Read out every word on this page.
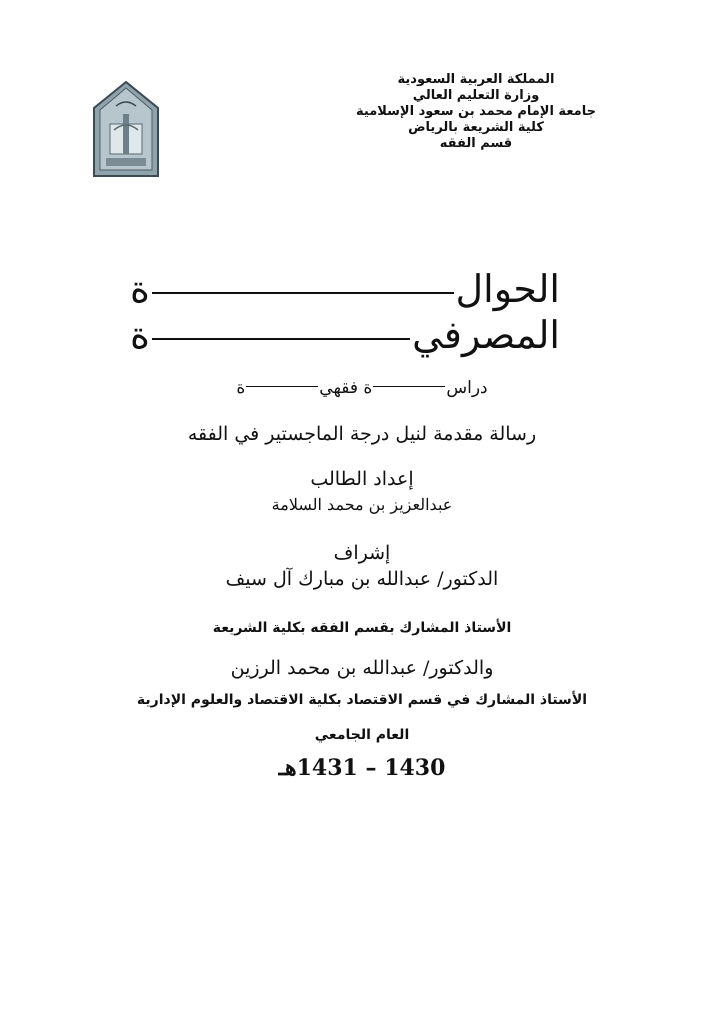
المملكة العربية السعودية
وزارة التعليم العالي
جامعة الإمام محمد بن سعود الإسلامية
كلية الشريعة بالرياض
قسم الفقه
الحوال
ة
المصرفي
ة
دراسة فقهية
رسالة مقدمة لنيل درجة الماجستير في الفقه
إعداد الطالب
عبدالعزيز بن محمد السلامة
إشراف
الدكتور/ عبدالله بن مبارك آل سيف
الأستاذ المشارك بقسم الفقه بكلية الشريعة
والدكتور/ عبدالله بن محمد الرزين
الأستاذ المشارك في قسم الاقتصاد بكلية الاقتصاد والعلوم الإدارية
العام الجامعي
1430 – 1431هـ
